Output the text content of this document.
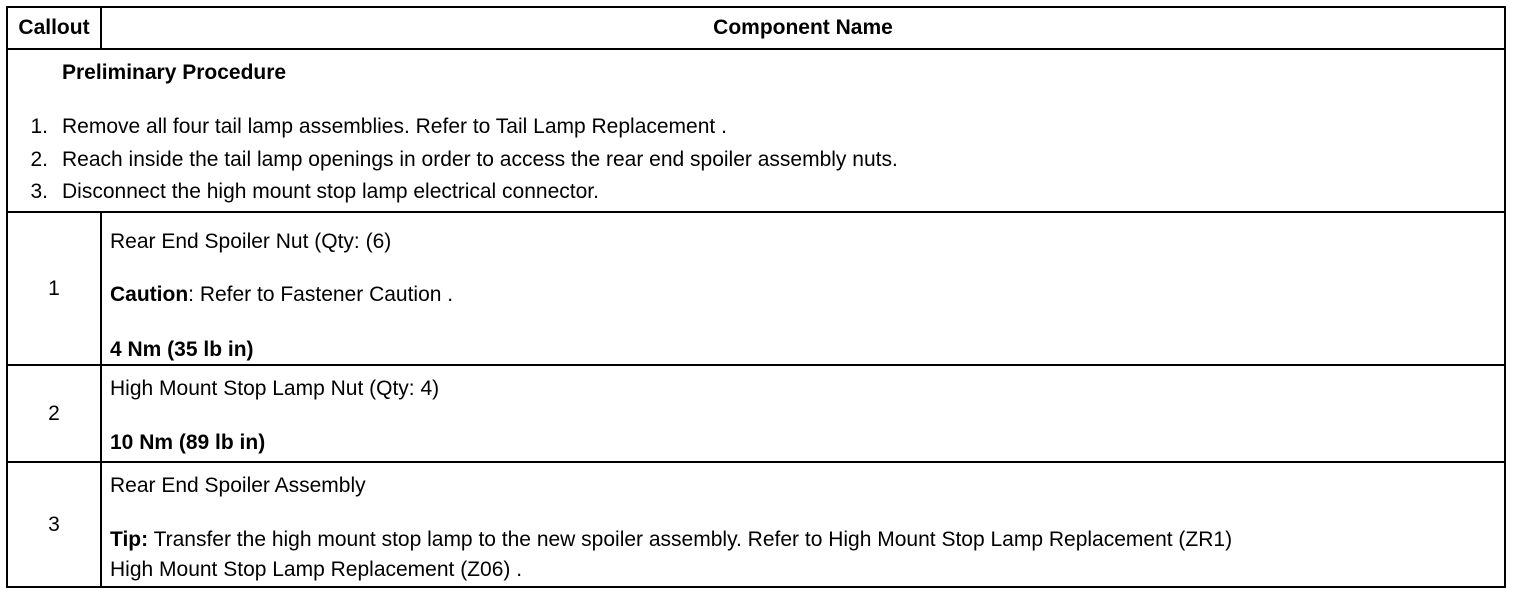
Callout	Component Name
Preliminary Procedure
1. Remove all four tail lamp assemblies. Refer to Tail Lamp Replacement .
2. Reach inside the tail lamp openings in order to access the rear end spoiler assembly nuts.
3. Disconnect the high mount stop lamp electrical connector.
1
Rear End Spoiler Nut (Qty: (6)
Caution: Refer to Fastener Caution .
4 Nm (35 lb in)
2
High Mount Stop Lamp Nut (Qty: 4)
10 Nm (89 lb in)
3
Rear End Spoiler Assembly
Tip: Transfer the high mount stop lamp to the new spoiler assembly. Refer to High Mount Stop Lamp Replacement (ZR1)
High Mount Stop Lamp Replacement (Z06) .
